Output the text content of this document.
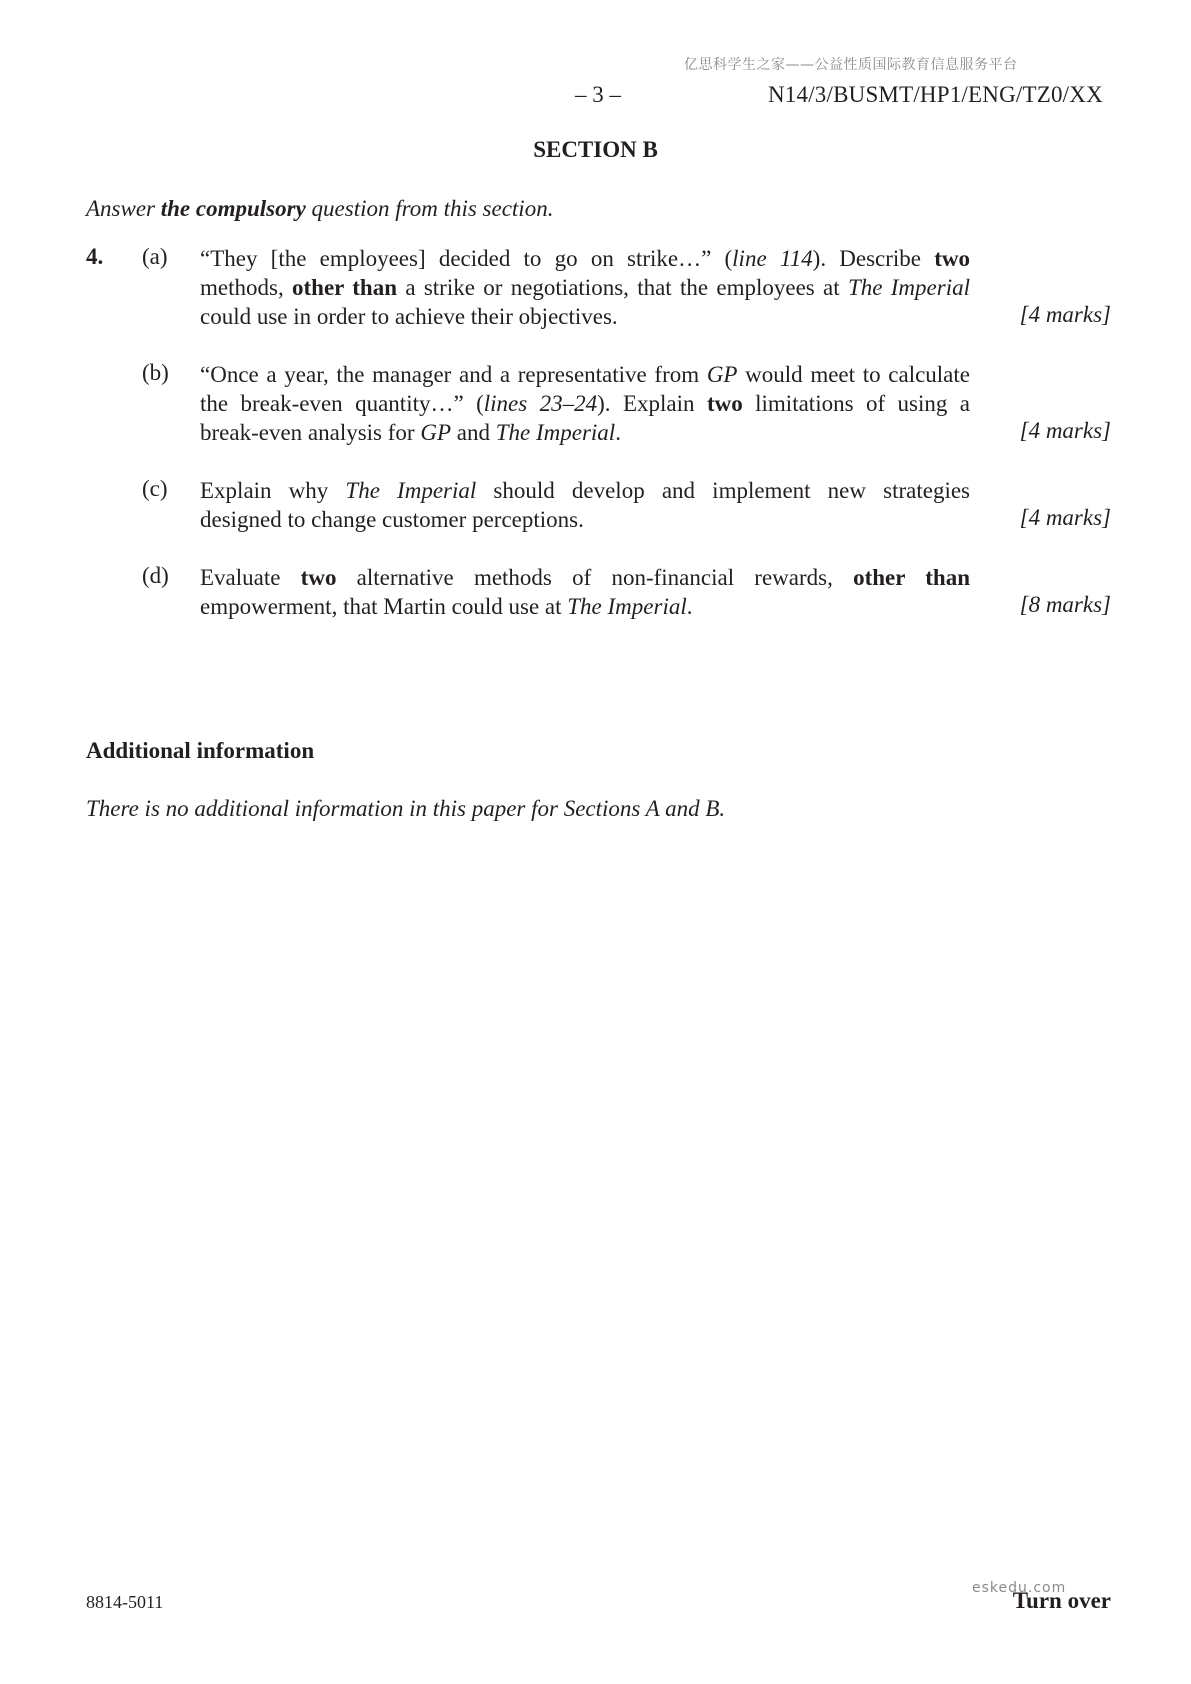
亿思科学生之家——公益性质国际教育信息服务平台
– 3 –	N14/3/BUSMT/HP1/ENG/TZ0/XX
SECTION B
Answer the compulsory question from this section.
4. (a) “They [the employees] decided to go on strike…” (line 114). Describe two
methods, other than a strike or negotiations, that the employees at The Imperial
could use in order to achieve their objectives.	[4 marks]
(b) “Once a year, the manager and a representative from GP would meet to calculate
the break-even quantity…” (lines 23–24). Explain two limitations of using a
break-even analysis for GP and The Imperial.	[4 marks]
(c) Explain why The Imperial should develop and implement new strategies
designed to change customer perceptions.	[4 marks]
(d) Evaluate two alternative methods of non-financial rewards, other than
empowerment, that Martin could use at The Imperial.	[8 marks]
Additional information
There is no additional information in this paper for Sections A and B.
8814-5011
eskedu.com
Turn over
